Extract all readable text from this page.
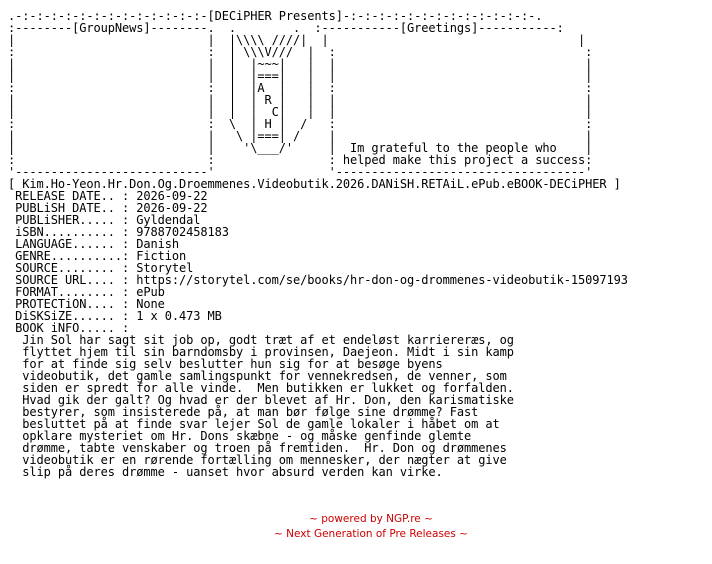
.-:-:-:-:-:-:-:-:-:-:-:-:-:-[DECiPHER Presents]-:-:-:-:-:-:-:-:-:-:-:-:-:-.
:--------[GroupNews]--------.  .        .  :-----------[Greetings]-----------:
|                           |  |\\\\ ////|  |                                   |
:                           :  | \\\V///  |  :                                   :
|                           |  |  |~~~|   |  |                                   |
|                           |  |  |===|   |  |                                   |
:                           :  |  |A  |   |  :                                   :
|                           |  |  | R |   |  |                                   |
|                           |  |  |  C|   |  |                                   |
:                           :  \  | H |  /   :                                   :
|                           |   \ |===| /    |                                   |
|                           |    '\___/'     |  Im grateful to the people who    |
:                           :                : helped make this project a success:
'---------------------------'                '-----------------------------------'
[ Kim.Ho-Yeon.Hr.Don.Og.Droemmenes.Videobutik.2026.DANiSH.RETAiL.ePub.eBOOK-DECiPHER ]
RELEASE DATE.. : 2026-09-22
PUBLiSH DATE.. : 2026-09-22
PUBLiSHER..... : Gyldendal
iSBN.......... : 9788702458183
LANGUAGE...... : Danish
GENRE..........: Fiction
SOURCE........ : Storytel
SOURCE URL.... : https://storytel.com/se/books/hr-don-og-drommenes-videobutik-15097193
FORMAT........ : ePub
PROTECTiON.... : None
DiSKSiZE...... : 1 x 0.473 MB
BOOK iNFO..... :
Jin Sol har sagt sit job op, godt træt af et endeløst karriereræs, og
flyttet hjem til sin barndomsby i provinsen, Daejeon. Midt i sin kamp
for at finde sig selv beslutter hun sig for at besøge byens
videobutik, det gamle samlingspunkt for vennekredsen, de venner, som
siden er spredt for alle vinde.  Men butikken er lukket og forfalden.
Hvad gik der galt? Og hvad er der blevet af Hr. Don, den karismatiske
bestyrer, som insisterede på, at man bør følge sine drømme? Fast
besluttet på at finde svar lejer Sol de gamle lokaler i håbet om at
opklare mysteriet om Hr. Dons skæbne - og måske genfinde glemte
drømme, tabte venskaber og troen på fremtiden.  Hr. Don og drømmenes
videobutik er en rørende fortælling om mennesker, der nægter at give
slip på deres drømme - uanset hvor absurd verden kan virke.
~ powered by NGP.re ~
~ Next Generation of Pre Releases ~
